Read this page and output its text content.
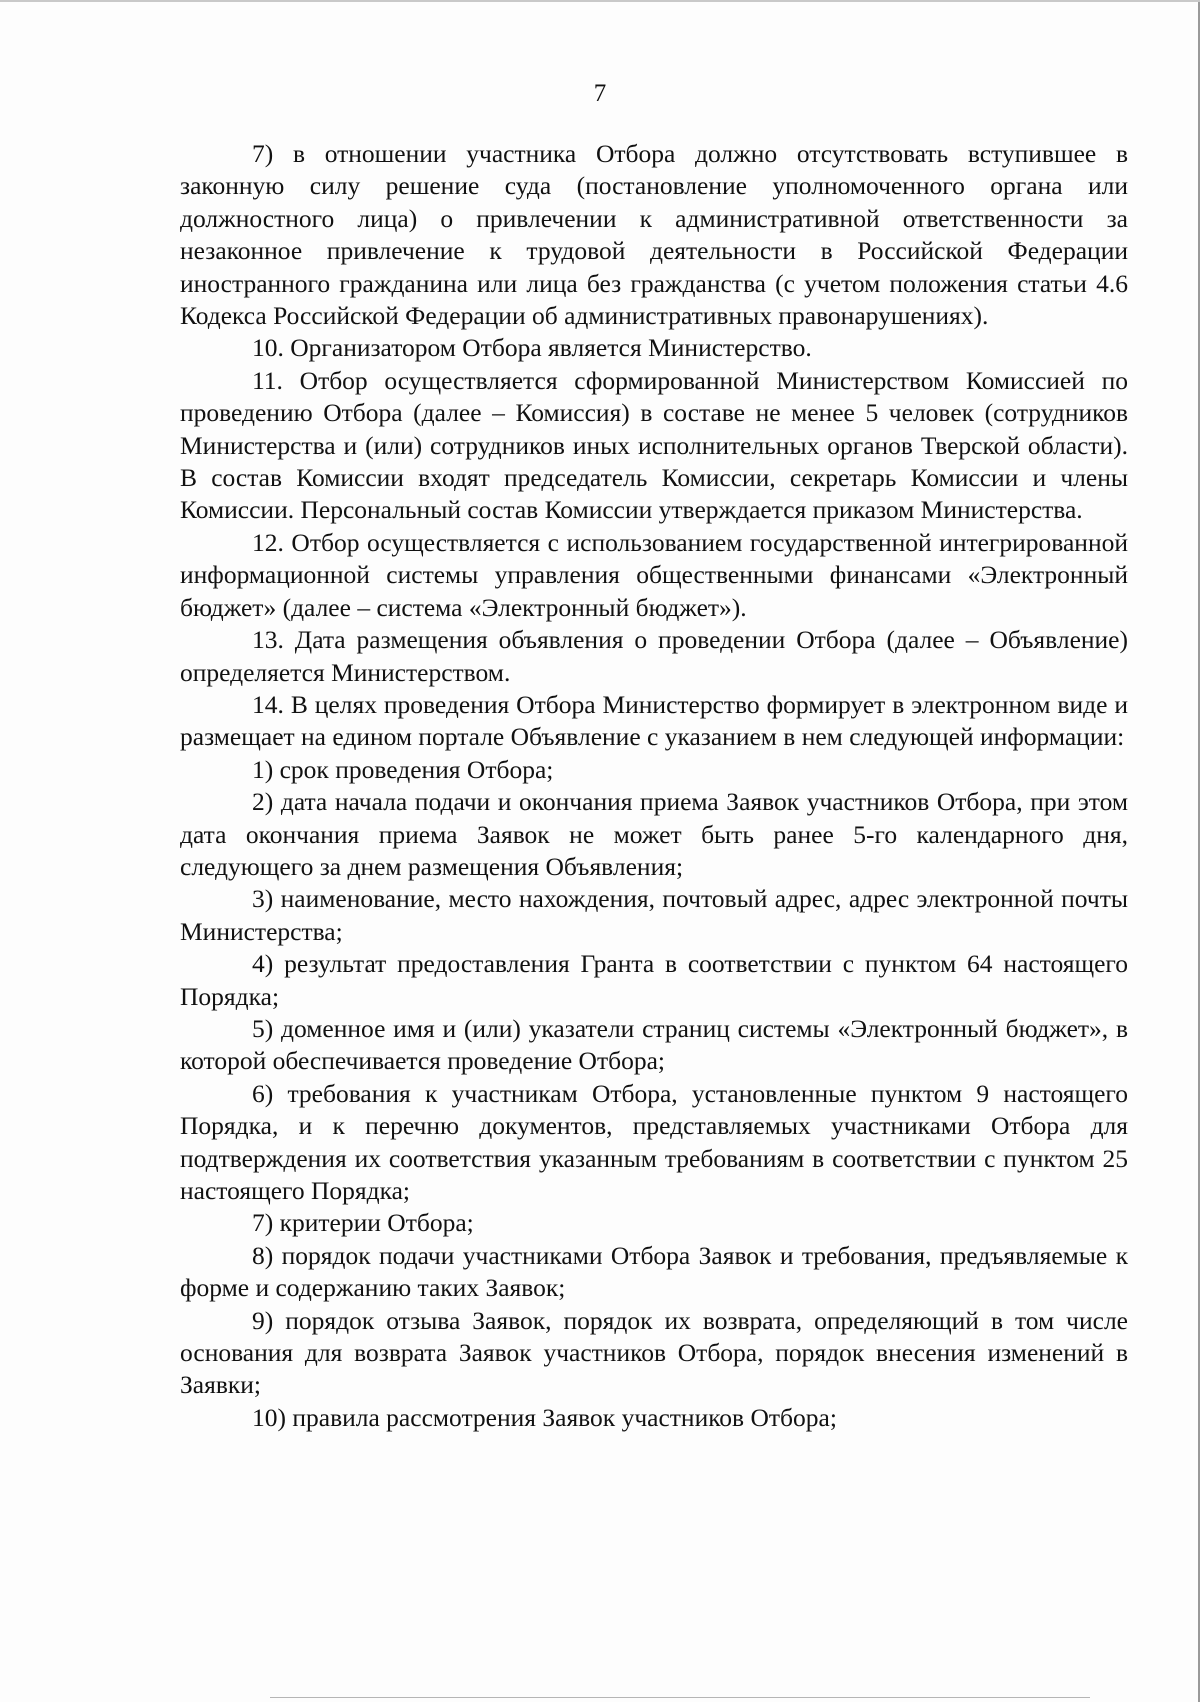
7

7) в отношении участника Отбора должно отсутствовать вступившее в законную силу решение суда (постановление уполномоченного органа или должностного лица) о привлечении к административной ответственности за незаконное привлечение к трудовой деятельности в Российской Федерации иностранного гражданина или лица без гражданства (с учетом положения статьи 4.6 Кодекса Российской Федерации об административных правонарушениях).

10. Организатором Отбора является Министерство.

11. Отбор осуществляется сформированной Министерством Комиссией по проведению Отбора (далее – Комиссия) в составе не менее 5 человек (сотрудников Министерства и (или) сотрудников иных исполнительных органов Тверской области). В состав Комиссии входят председатель Комиссии, секретарь Комиссии и члены Комиссии. Персональный состав Комиссии утверждается приказом Министерства.

12. Отбор осуществляется с использованием государственной интегрированной информационной системы управления общественными финансами «Электронный бюджет» (далее – система «Электронный бюджет»).

13. Дата размещения объявления о проведении Отбора (далее – Объявление) определяется Министерством.

14. В целях проведения Отбора Министерство формирует в электронном виде и размещает на едином портале Объявление с указанием в нем следующей информации:

1) срок проведения Отбора;

2) дата начала подачи и окончания приема Заявок участников Отбора, при этом дата окончания приема Заявок не может быть ранее 5-го календарного дня, следующего за днем размещения Объявления;

3) наименование, место нахождения, почтовый адрес, адрес электронной почты Министерства;

4) результат предоставления Гранта в соответствии с пунктом 64 настоящего Порядка;

5) доменное имя и (или) указатели страниц системы «Электронный бюджет», в которой обеспечивается проведение Отбора;

6) требования к участникам Отбора, установленные пунктом 9 настоящего Порядка, и к перечню документов, представляемых участниками Отбора для подтверждения их соответствия указанным требованиям в соответствии с пунктом 25 настоящего Порядка;

7) критерии Отбора;

8) порядок подачи участниками Отбора Заявок и требования, предъявляемые к форме и содержанию таких Заявок;

9) порядок отзыва Заявок, порядок их возврата, определяющий в том числе основания для возврата Заявок участников Отбора, порядок внесения изменений в Заявки;

10) правила рассмотрения Заявок участников Отбора;
